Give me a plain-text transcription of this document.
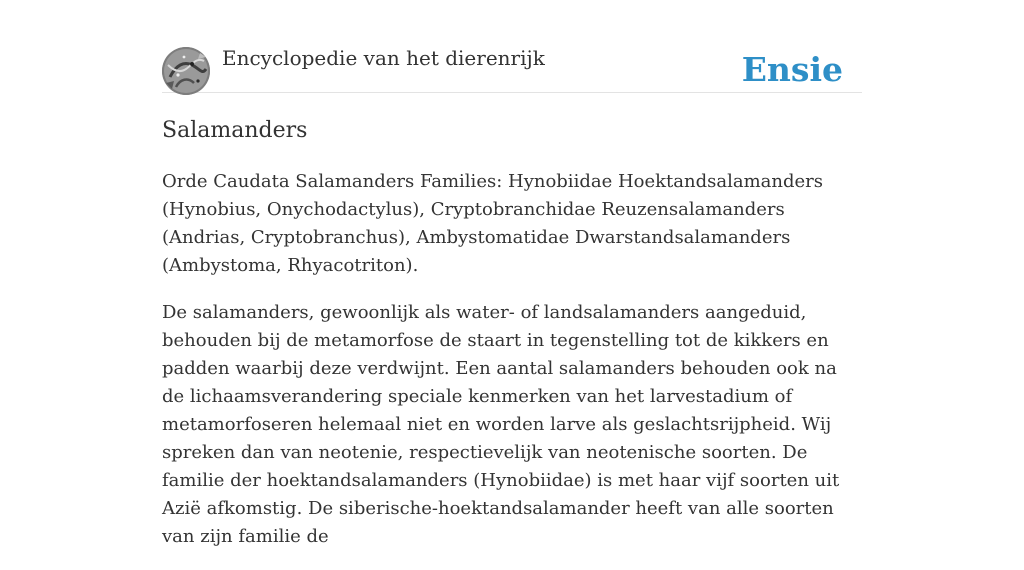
Encyclopedie van het dierenrijk	Ensie
Salamanders

Orde Caudata Salamanders Families: Hynobiidae Hoektandsalamanders (Hynobius, Onychodactylus), Cryptobranchidae Reuzensalamanders (Andrias, Cryptobranchus), Ambystomatidae Dwarstandsalamanders (Ambystoma, Rhyacotriton).

De salamanders, gewoonlijk als water- of landsalamanders aangeduid, behouden bij de metamorfose de staart in tegenstelling tot de kikkers en padden waarbij deze verdwijnt. Een aantal salamanders behouden ook na de lichaamsverandering speciale kenmerken van het larvestadium of metamorfoseren helemaal niet en worden larve als geslachtsrijpheid. Wij spreken dan van neotenie, respectievelijk van neotenische soorten. De familie der hoektandsalamanders (Hynobiidae) is met haar vijf soorten uit Azië afkomstig. De siberische-hoektandsalamander heeft van alle soorten van zijn familie de
